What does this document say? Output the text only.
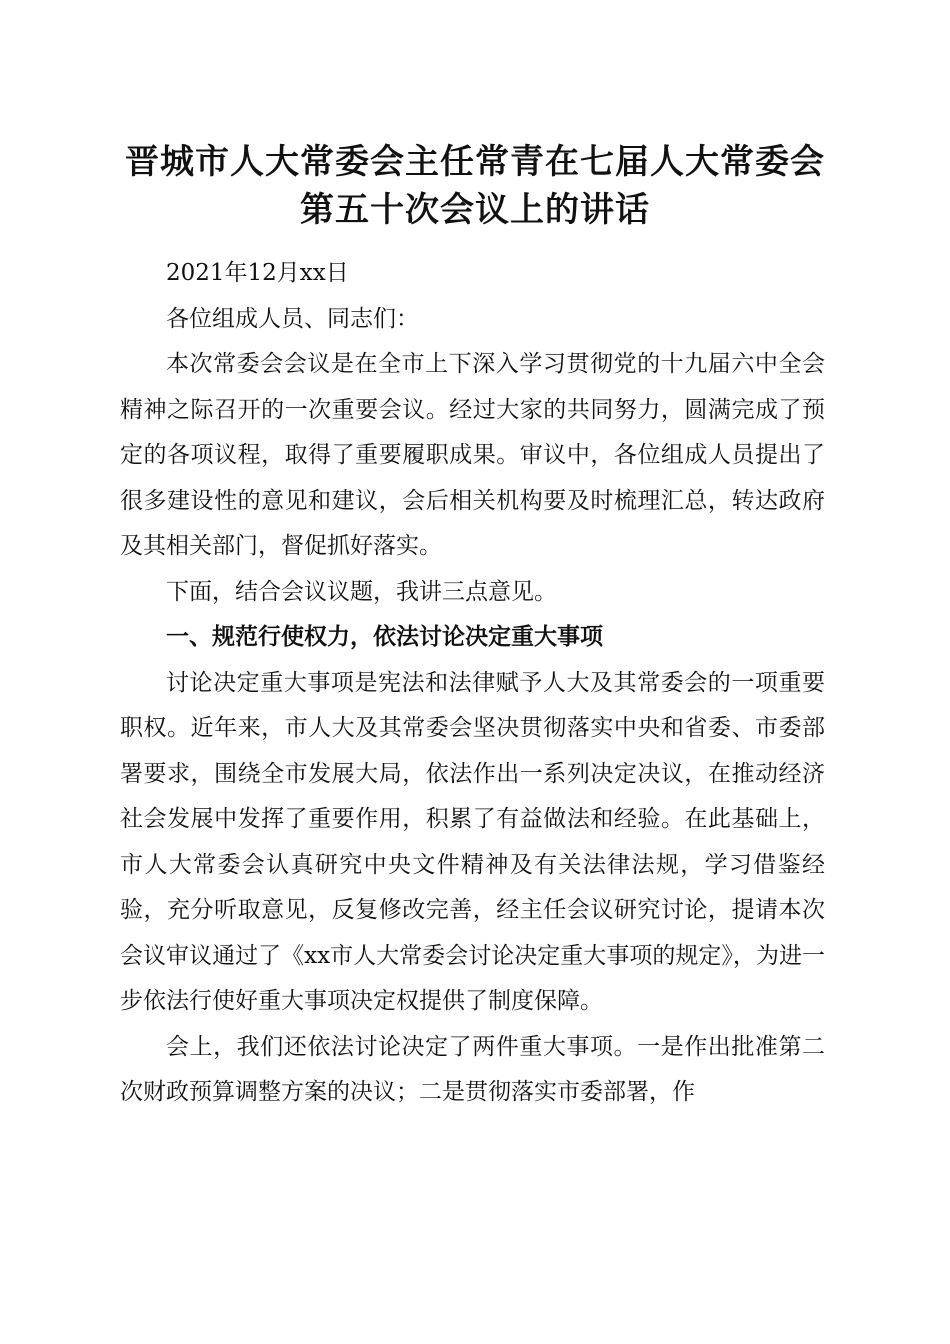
晋城市人大常委会主任常青在七届人大常委会
第五十次会议上的讲话

2021年12月xx日

各位组成人员、同志们：

本次常委会会议是在全市上下深入学习贯彻党的十九届六中全会精神之际召开的一次重要会议。经过大家的共同努力，圆满完成了预定的各项议程，取得了重要履职成果。审议中，各位组成人员提出了很多建设性的意见和建议，会后相关机构要及时梳理汇总，转达政府及其相关部门，督促抓好落实。

下面，结合会议议题，我讲三点意见。

一、规范行使权力，依法讨论决定重大事项

讨论决定重大事项是宪法和法律赋予人大及其常委会的一项重要职权。近年来，市人大及其常委会坚决贯彻落实中央和省委、市委部署要求，围绕全市发展大局，依法作出一系列决定决议，在推动经济社会发展中发挥了重要作用，积累了有益做法和经验。在此基础上，市人大常委会认真研究中央文件精神及有关法律法规，学习借鉴经验，充分听取意见，反复修改完善，经主任会议研究讨论，提请本次会议审议通过了《xx市人大常委会讨论决定重大事项的规定》，为进一步依法行使好重大事项决定权提供了制度保障。

会上，我们还依法讨论决定了两件重大事项。一是作出批准第二次财政预算调整方案的决议；二是贯彻落实市委部署，作
